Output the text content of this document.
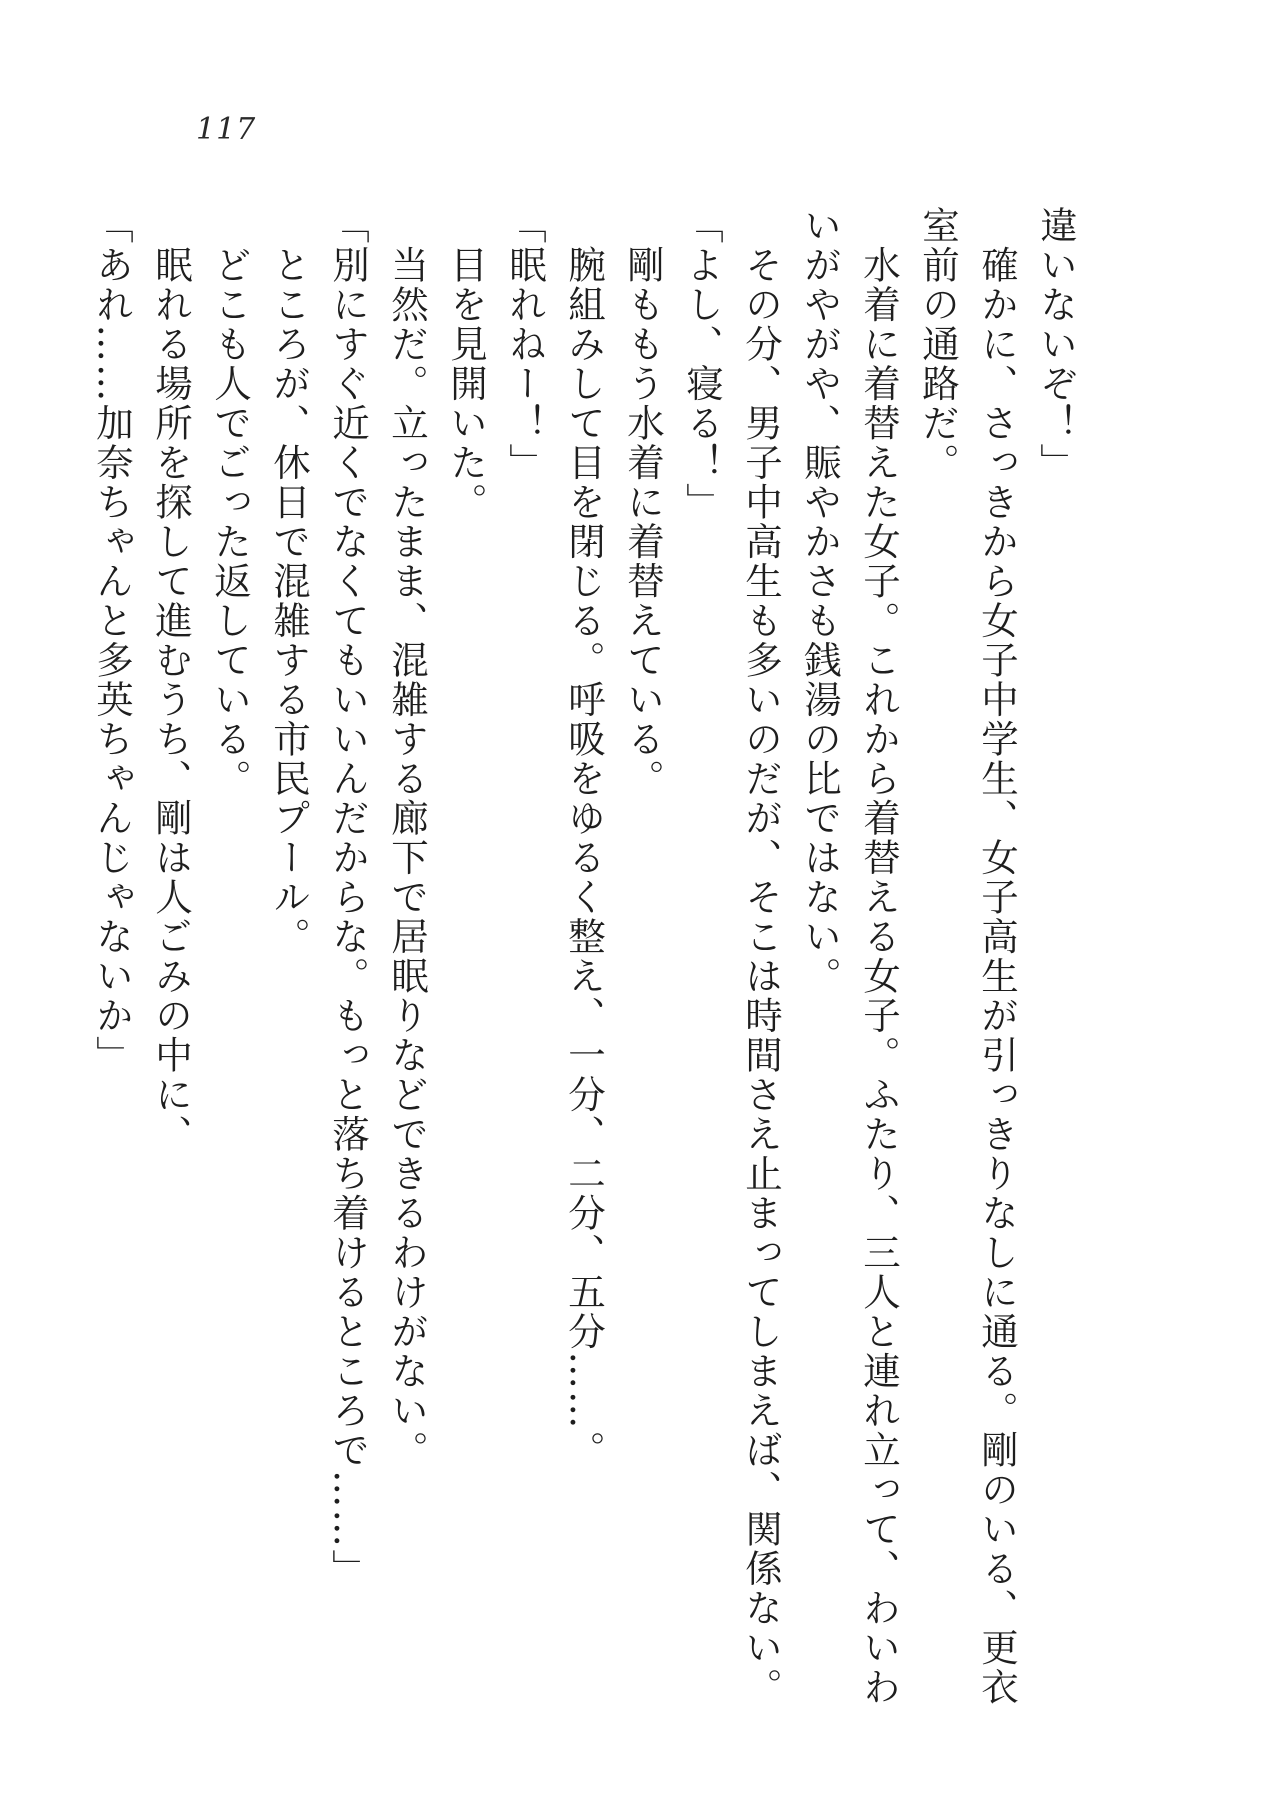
117
違いないぞ！」
　確かに、さっきから女子中学生、女子高生が引っきりなしに通る。剛のいる、更衣
室前の通路だ。
　水着に着替えた女子。これから着替える女子。ふたり、三人と連れ立って、わいわ
いがやがや、賑やかさも銭湯の比ではない。
　その分、男子中高生も多いのだが、そこは時間さえ止まってしまえば、関係ない。
「よし、寝る！」
　剛ももう水着に着替えている。
　腕組みして目を閉じる。呼吸をゆるく整え、一分、二分、五分……。
「眠れねー！」
　目を見開いた。
　当然だ。立ったまま、混雑する廊下で居眠りなどできるわけがない。
「別にすぐ近くでなくてもいいんだからな。もっと落ち着けるところで……」
　ところが、休日で混雑する市民プール。
　どこも人でごった返している。
　眠れる場所を探して進むうち、剛は人ごみの中に、
「あれ……加奈ちゃんと多英ちゃんじゃないか」
